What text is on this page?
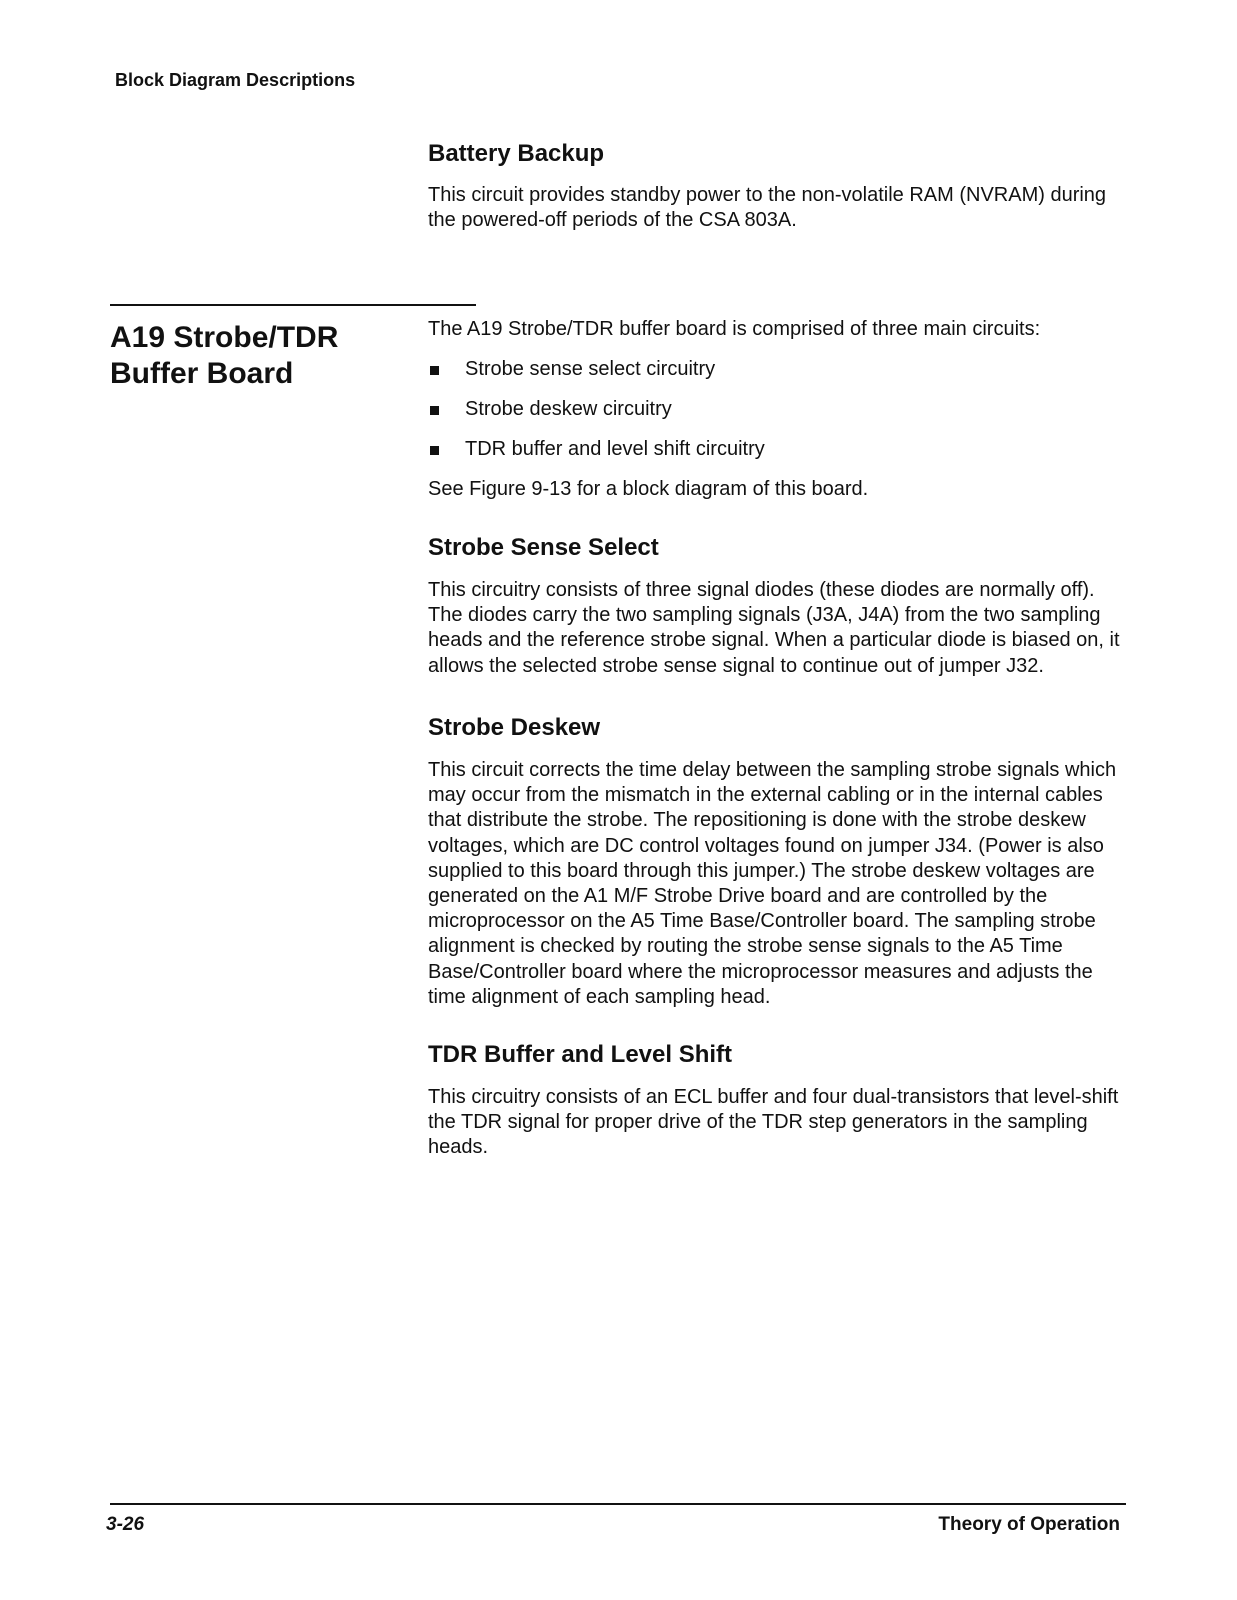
Block Diagram Descriptions
Battery Backup

This circuit provides standby power to the non-volatile RAM (NVRAM) during the powered-off periods of the CSA 803A.

A19 Strobe/TDR Buffer Board

The A19 Strobe/TDR buffer board is comprised of three main circuits:

Strobe sense select circuitry
Strobe deskew circuitry
TDR buffer and level shift circuitry

See Figure 9-13 for a block diagram of this board.

Strobe Sense Select

This circuitry consists of three signal diodes (these diodes are normally off). The diodes carry the two sampling signals (J3A, J4A) from the two sampling heads and the reference strobe signal. When a particular diode is biased on, it allows the selected strobe sense signal to continue out of jumper J32.

Strobe Deskew

This circuit corrects the time delay between the sampling strobe signals which may occur from the mismatch in the external cabling or in the internal cables that distribute the strobe. The repositioning is done with the strobe deskew voltages, which are DC control voltages found on jumper J34. (Power is also supplied to this board through this jumper.) The strobe deskew voltages are generated on the A1 M/F Strobe Drive board and are controlled by the microprocessor on the A5 Time Base/Controller board. The sampling strobe alignment is checked by routing the strobe sense signals to the A5 Time Base/Controller board where the microprocessor measures and adjusts the time alignment of each sampling head.

TDR Buffer and Level Shift

This circuitry consists of an ECL buffer and four dual-transistors that level-shift the TDR signal for proper drive of the TDR step generators in the sampling heads.

3-26	Theory of Operation
